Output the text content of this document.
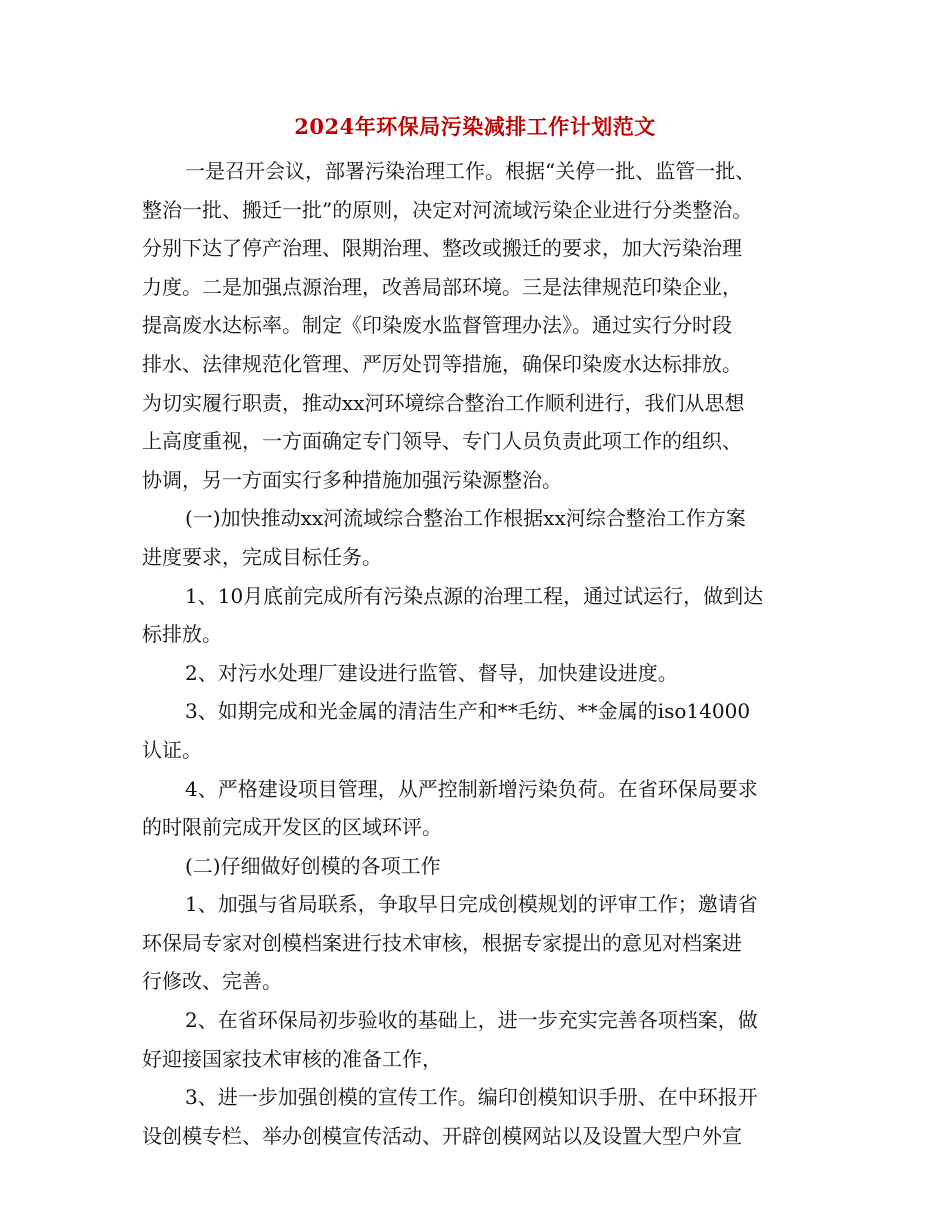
2024年环保局污染减排工作计划范文
一是召开会议，部署污染治理工作。根据“关停一批、监管一批、
整治一批、搬迁一批”的原则，决定对河流域污染企业进行分类整治。
分别下达了停产治理、限期治理、整改或搬迁的要求，加大污染治理
力度。二是加强点源治理，改善局部环境。三是法律规范印染企业，
提高废水达标率。制定《印染废水监督管理办法》。通过实行分时段
排水、法律规范化管理、严厉处罚等措施，确保印染废水达标排放。
为切实履行职责，推动xx河环境综合整治工作顺利进行，我们从思想
上高度重视，一方面确定专门领导、专门人员负责此项工作的组织、
协调，另一方面实行多种措施加强污染源整治。
(一)加快推动xx河流域综合整治工作根据xx河综合整治工作方案
进度要求，完成目标任务。
1、10月底前完成所有污染点源的治理工程，通过试运行，做到达
标排放。
2、对污水处理厂建设进行监管、督导，加快建设进度。
3、如期完成和光金属的清洁生产和**毛纺、**金属的iso14000
认证。
4、严格建设项目管理，从严控制新增污染负荷。在省环保局要求
的时限前完成开发区的区域环评。
(二)仔细做好创模的各项工作
1、加强与省局联系，争取早日完成创模规划的评审工作；邀请省
环保局专家对创模档案进行技术审核，根据专家提出的意见对档案进
行修改、完善。
2、在省环保局初步验收的基础上，进一步充实完善各项档案，做
好迎接国家技术审核的准备工作，
3、进一步加强创模的宣传工作。编印创模知识手册、在中环报开
设创模专栏、举办创模宣传活动、开辟创模网站以及设置大型户外宣
